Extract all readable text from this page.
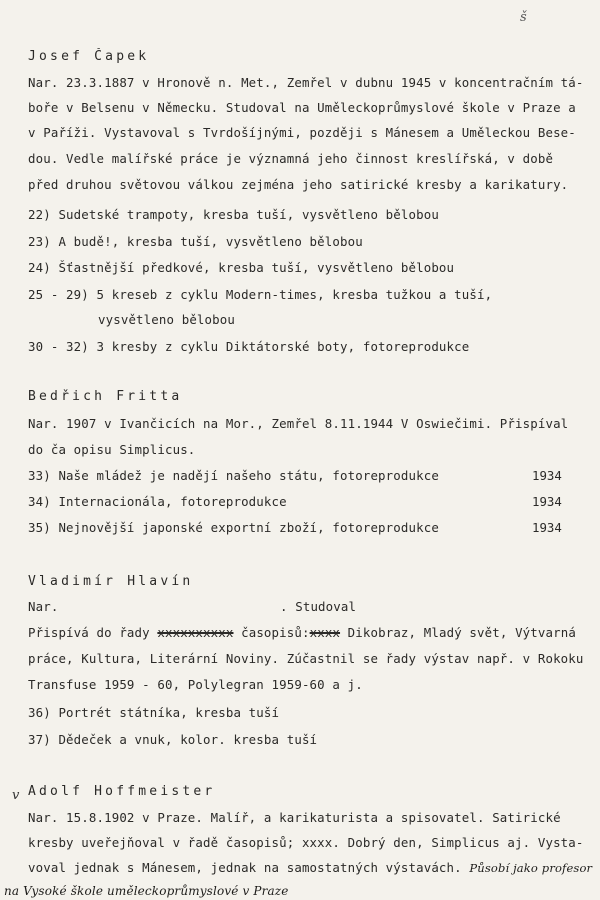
š
Josef Čapek
Nar. 23.3.1887 v Hronově n. Met., Zemřel v dubnu 1945 v koncentračním tá-
boře v Belsenu v Německu. Studoval na Uměleckoprůmyslové škole v Praze a
v Paříži. Vystavoval s Tvrdošíjnými, později s Mánesem a Uměleckou Bese-
dou. Vedle malířské práce je významná jeho činnost kreslířská, v době
před druhou světovou válkou zejména jeho satirické kresby a karikatury.
22) Sudetské trampoty, kresba tuší, vysvětleno bělobou
23) A budě!, kresba tuší, vysvětleno bělobou
24) Šťastnější předkové, kresba tuší, vysvětleno bělobou
25 - 29) 5 kreseb z cyklu Modern-times, kresba tužkou a tuší,
vysvětleno bělobou
30 - 32) 3 kresby z cyklu Diktátorské boty, fotoreprodukce
Bedřich Fritta
Nar. 1907 v Ivančicích na Mor., Zemřel 8.11.1944 V Oswiečimi. Přispíval
do ča opisu Simplicus.
33) Naše mládež je nadějí našeho státu, fotoreprodukce	1934
34) Internacionála, fotoreprodukce	1934
35) Nejnovější japonské exportní zboží, fotoreprodukce	1934
Vladimír Hlavín
Nar.	. Studoval
Přispívá do řady xxxxxxxxxx časopisů:xxxx Dikobraz, Mladý svět, Výtvarná
práce, Kultura, Literární Noviny. Zúčastnil se řady výstav např. v Rokoku
Transfuse 1959 - 60, Polylegran 1959-60 a j.
36) Portrét státníka, kresba tuší
37) Dědeček a vnuk, kolor. kresba tuší
v Adolf Hoffmeister
Nar. 15.8.1902 v Praze. Malíř, a karikaturista a spisovatel. Satirické
kresby uveřejňoval v řadě časopisů; xxxx. Dobrý den, Simplicus aj. Vysta-
voval jednak s Mánesem, jednak na samostatných výstavách. Působí jako profesor
na Vysoké škole uměleckoprůmyslové v Praze
